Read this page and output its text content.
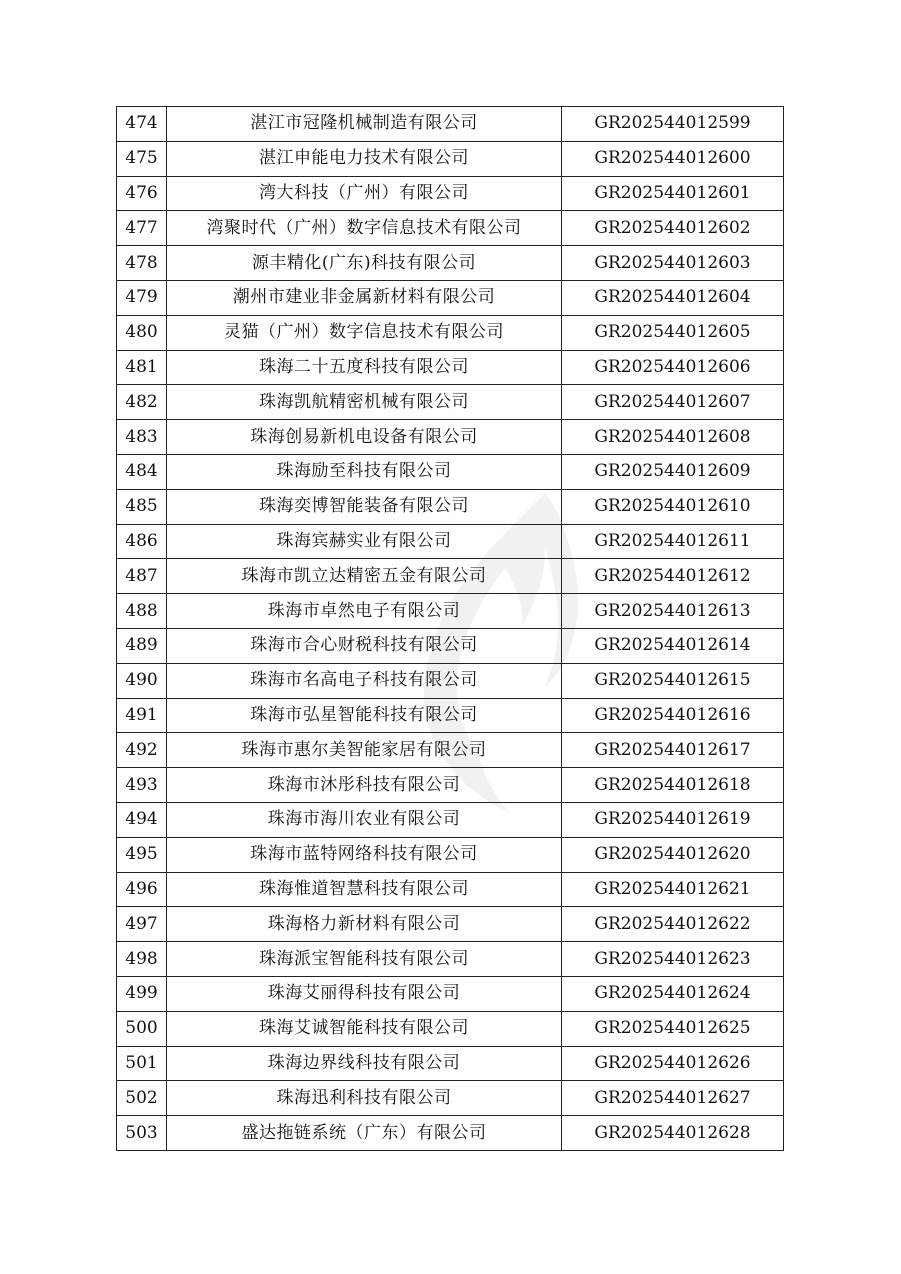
474	湛江市冠隆机械制造有限公司	GR202544012599
475	湛江申能电力技术有限公司	GR202544012600
476	湾大科技（广州）有限公司	GR202544012601
477	湾聚时代（广州）数字信息技术有限公司	GR202544012602
478	源丰精化(广东)科技有限公司	GR202544012603
479	潮州市建业非金属新材料有限公司	GR202544012604
480	灵猫（广州）数字信息技术有限公司	GR202544012605
481	珠海二十五度科技有限公司	GR202544012606
482	珠海凯航精密机械有限公司	GR202544012607
483	珠海创易新机电设备有限公司	GR202544012608
484	珠海励至科技有限公司	GR202544012609
485	珠海奕博智能装备有限公司	GR202544012610
486	珠海宾赫实业有限公司	GR202544012611
487	珠海市凯立达精密五金有限公司	GR202544012612
488	珠海市卓然电子有限公司	GR202544012613
489	珠海市合心财税科技有限公司	GR202544012614
490	珠海市名高电子科技有限公司	GR202544012615
491	珠海市弘星智能科技有限公司	GR202544012616
492	珠海市惠尔美智能家居有限公司	GR202544012617
493	珠海市沐彤科技有限公司	GR202544012618
494	珠海市海川农业有限公司	GR202544012619
495	珠海市蓝特网络科技有限公司	GR202544012620
496	珠海惟道智慧科技有限公司	GR202544012621
497	珠海格力新材料有限公司	GR202544012622
498	珠海派宝智能科技有限公司	GR202544012623
499	珠海艾丽得科技有限公司	GR202544012624
500	珠海艾诚智能科技有限公司	GR202544012625
501	珠海边界线科技有限公司	GR202544012626
502	珠海迅利科技有限公司	GR202544012627
503	盛达拖链系统（广东）有限公司	GR202544012628
